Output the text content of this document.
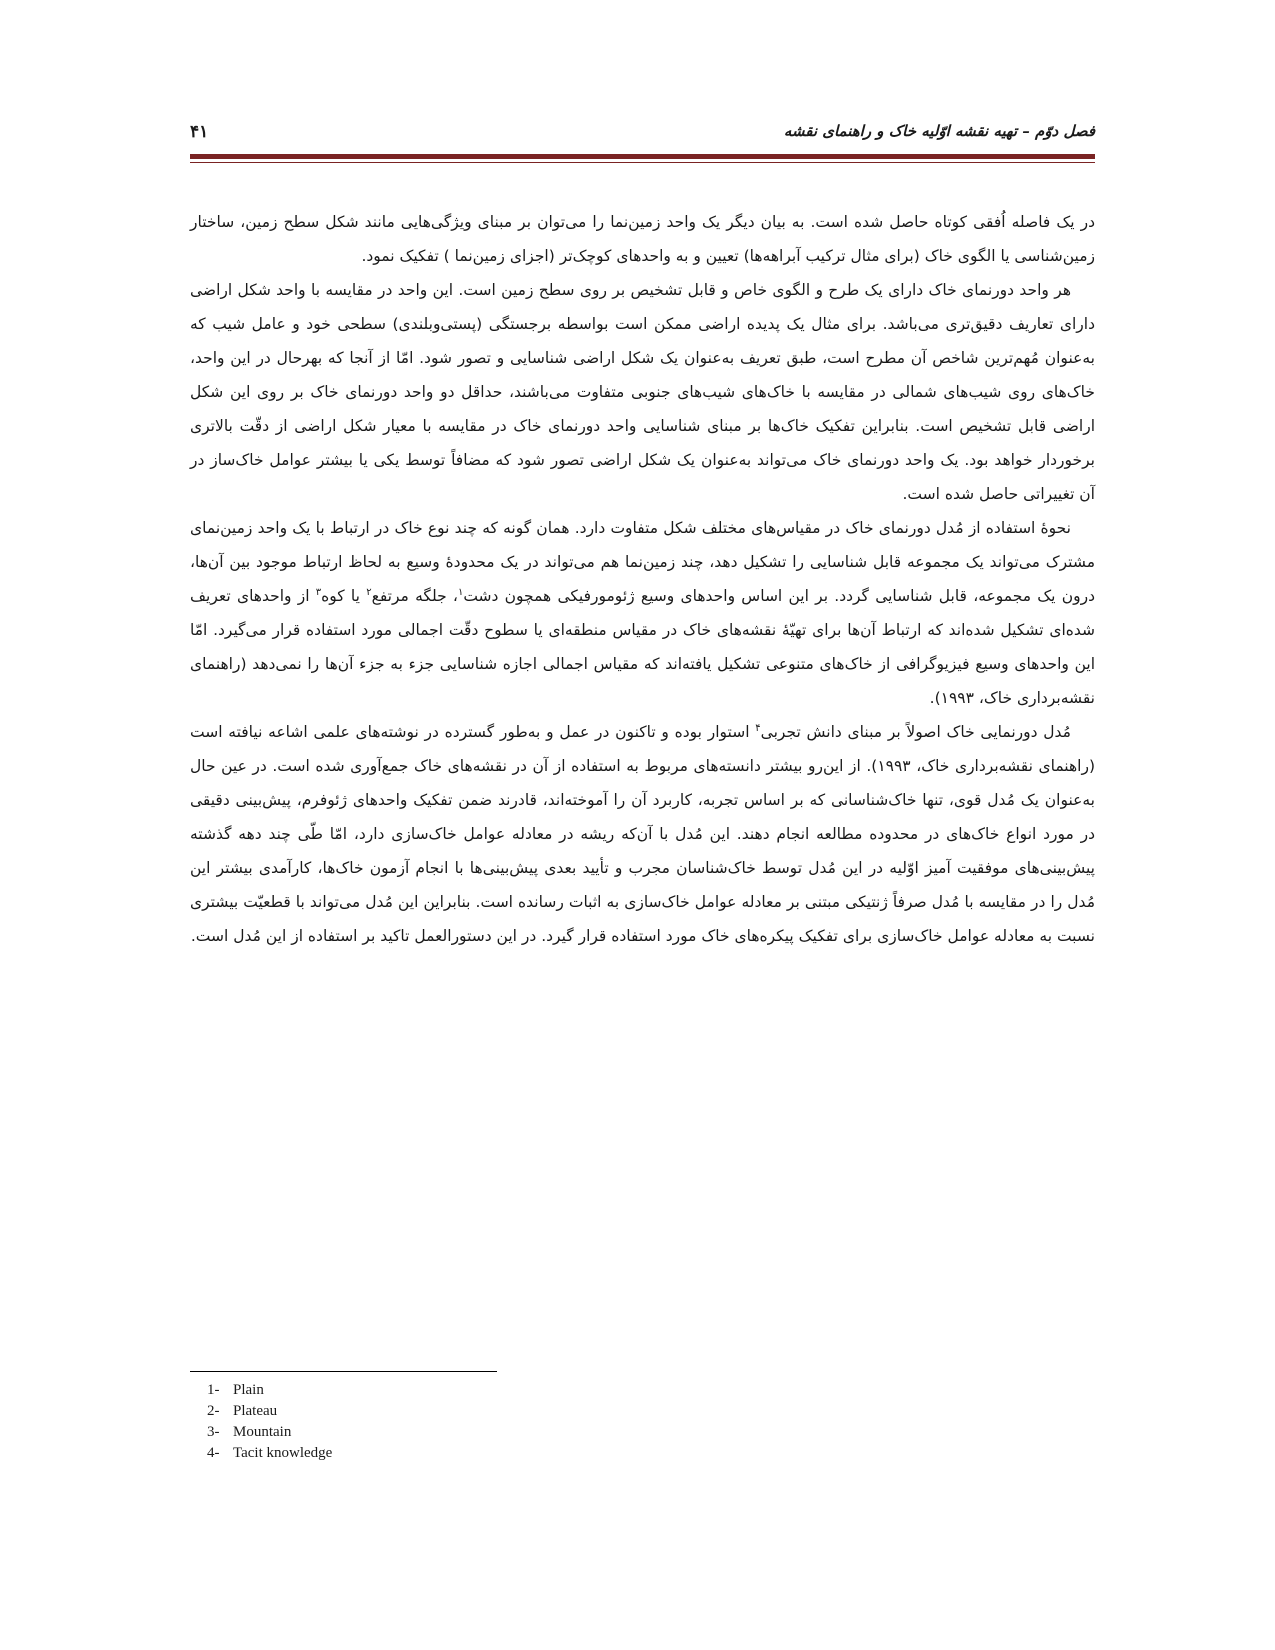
۴۱	فصل دوّم – تهیه نقشه اوّلیه خاک و راهنمای نقشه

در یک فاصله اُفقی کوتاه حاصل شده است. به بیان دیگر یک واحد زمین‌نما را می‌توان بر مبنای ویژگی‌هایی مانند شکل سطح زمین، ساختار زمین‌شناسی یا الگوی خاک (برای مثال ترکیب آبراهه‌ها) تعیین و به واحدهای کوچک‌تر (اجزای زمین‌نما ) تفکیک نمود.

هر واحد دورنمای خاک دارای یک طرح و الگوی خاص و قابل تشخیص بر روی سطح زمین است. این واحد در مقایسه با واحد شکل اراضی دارای تعاریف دقیق‌تری می‌باشد. برای مثال یک پدیده اراضی ممکن است بواسطه برجستگی (پستی‌وبلندی) سطحی خود و عامل شیب که به‌عنوان مُهم‌ترین شاخص آن مطرح است، طبق تعریف به‌عنوان یک شکل اراضی شناسایی و تصور شود. امّا از آنجا که بهرحال در این واحد، خاک‌های روی شیب‌های شمالی در مقایسه با خاک‌های شیب‌های جنوبی متفاوت می‌باشند، حداقل دو واحد دورنمای خاک بر روی این شکل اراضی قابل تشخیص است. بنابراین تفکیک خاک‌ها بر مبنای شناسایی واحد دورنمای خاک در مقایسه با معیار شکل اراضی از دقّت بالاتری برخوردار خواهد بود. یک واحد دورنمای خاک می‌تواند به‌عنوان یک شکل اراضی تصور شود که مضافاً توسط یکی یا بیشتر عوامل خاک‌ساز در آن تغییراتی حاصل شده است.

نحوهٔ استفاده از مُدل دورنمای خاک در مقیاس‌های مختلف شکل متفاوت دارد. همان گونه که چند نوع خاک در ارتباط با یک واحد زمین‌نمای مشترک می‌تواند یک مجموعه قابل شناسایی را تشکیل دهد، چند زمین‌نما هم می‌تواند در یک محدودهٔ وسیع به لحاظ ارتباط موجود بین آن‌ها، درون یک مجموعه، قابل شناسایی گردد. بر این اساس واحدهای وسیع ژئومورفیکی همچون دشت$^۱$، جلگه مرتفع$^۲$ یا کوه$^۳$ از واحدهای تعریف شده‌ای تشکیل شده‌اند که ارتباط آن‌ها برای تهیّهٔ نقشه‌های خاک در مقیاس منطقه‌ای یا سطوح دقّت اجمالی مورد استفاده قرار می‌گیرد. امّا این واحدهای وسیع فیزیوگرافی از خاک‌های متنوعی تشکیل یافته‌اند که مقیاس اجمالی اجازه شناسایی جزء به جزء آن‌ها را نمی‌دهد (راهنمای نقشه‌برداری خاک، ۱۹۹۳).

مُدل دورنمایی خاک اصولاً بر مبنای دانش تجربی$^۴$ استوار بوده و تاکنون در عمل و به‌طور گسترده در نوشته‌های علمی اشاعه نیافته است (راهنمای نقشه‌برداری خاک، ۱۹۹۳). از این‌رو بیشتر دانسته‌های مربوط به استفاده از آن در نقشه‌های خاک جمع‌آوری شده است. در عین حال به‌عنوان یک مُدل قوی، تنها خاک‌شناسانی که بر اساس تجربه، کاربرد آن را آموخته‌اند، قادرند ضمن تفکیک واحدهای ژئوفرم، پیش‌بینی دقیقی در مورد انواع خاک‌های در محدوده مطالعه انجام دهند. این مُدل با آن‌که ریشه در معادله عوامل خاک‌سازی دارد، امّا طّی چند دهه گذشته پیش‌بینی‌های موفقیت آمیز اوّلیه در این مُدل توسط خاک‌شناسان مجرب و تأیید بعدی پیش‌بینی‌ها با انجام آزمون خاک‌ها، کارآمدی بیشتر این مُدل را در مقایسه با مُدل صرفاً ژنتیکی مبتنی بر معادله عوامل خاک‌سازی به اثبات رسانده است. بنابراین این مُدل می‌تواند با قطعیّت بیشتری نسبت به معادله عوامل خاک‌سازی برای تفکیک پیکره‌های خاک مورد استفاده قرار گیرد. در این دستورالعمل تاکید بر استفاده از این مُدل است.

1- Plain
2- Plateau
3- Mountain
4- Tacit knowledge
